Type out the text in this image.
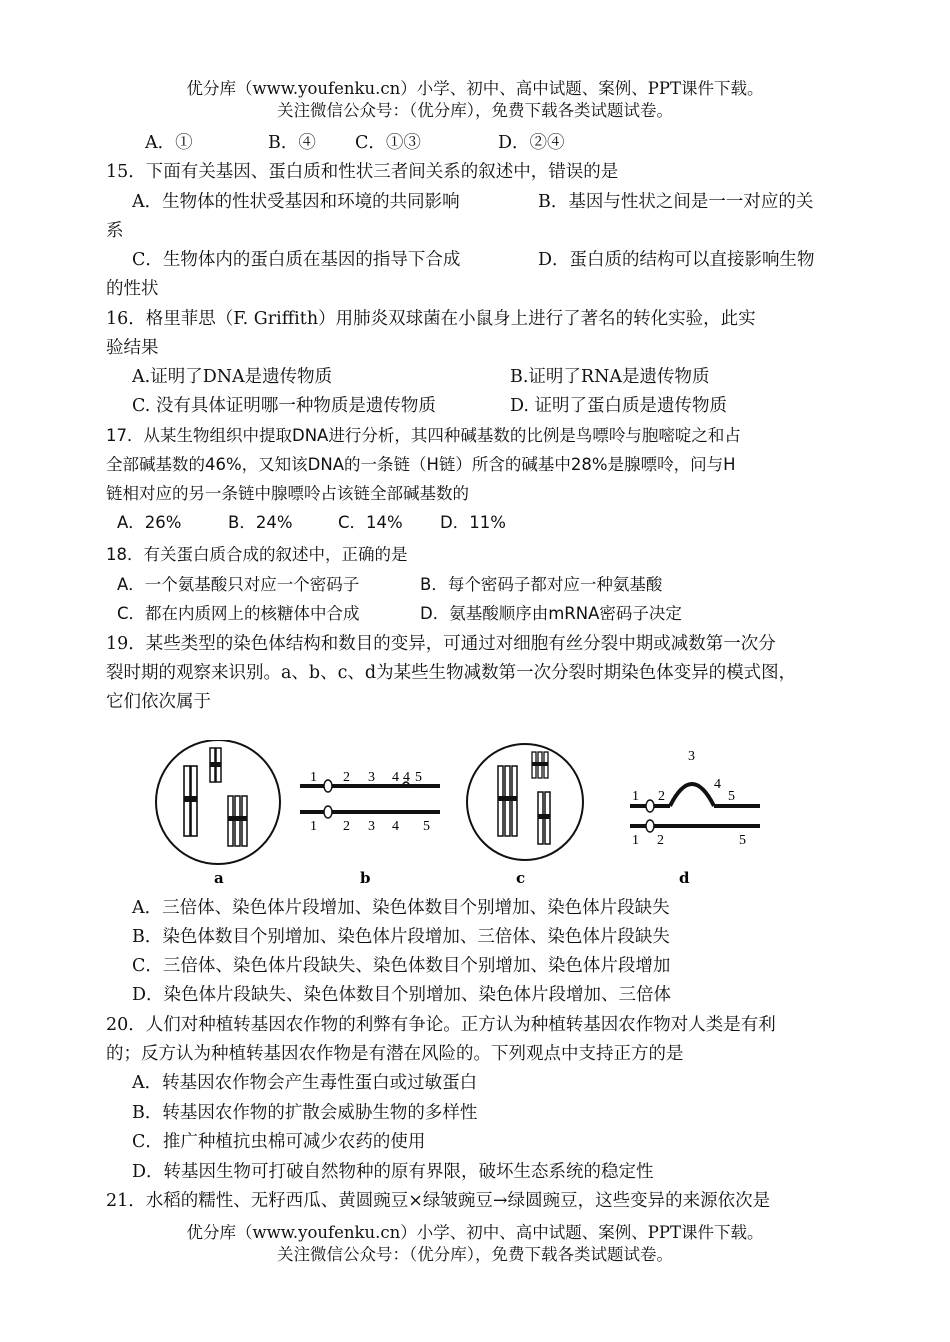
优分库（www.youfenku.cn）小学、初中、高中试题、案例、PPT课件下载。
关注微信公众号：（优分库），免费下载各类试题试卷。
A．①	B．④ C．①③	D．②④
15．下面有关基因、蛋白质和性状三者间关系的叙述中，错误的是
A．生物体的性状受基因和环境的共同影响	B．基因与性状之间是一一对应的关
系
C．生物体内的蛋白质在基因的指导下合成	D．蛋白质的结构可以直接影响生物
的性状
16．格里菲思（F. Griffith）用肺炎双球菌在小鼠身上进行了著名的转化实验，此实
验结果
A.证明了DNA是遗传物质	B.证明了RNA是遗传物质
C. 没有具体证明哪一种物质是遗传物质	D. 证明了蛋白质是遗传物质
17．从某生物组织中提取DNA进行分析，其四种碱基数的比例是鸟嘌呤与胞嘧啶之和占
全部碱基数的46%，又知该DNA的一条链（H链）所含的碱基中28%是腺嘌呤，问与H
链相对应的另一条链中腺嘌呤占该链全部碱基数的
A．26%	B．24%	C．14% D．11%
18．有关蛋白质合成的叙述中，正确的是
A．一个氨基酸只对应一个密码子	B．每个密码子都对应一种氨基酸
C．都在内质网上的核糖体中合成	D．氨基酸顺序由mRNA密码子决定
19．某些类型的染色体结构和数目的变异，可通过对细胞有丝分裂中期或减数第一次分
裂时期的观察来识别。a、b、c、d为某些生物减数第一次分裂时期染色体变异的模式图，
它们依次属于
1 2 3 4 4 5
1 2 3 4 5
3
1 2
4
5
1 2	5
a	b	c	d
A．三倍体、染色体片段增加、染色体数目个别增加、染色体片段缺失
B．染色体数目个别增加、染色体片段增加、三倍体、染色体片段缺失
C．三倍体、染色体片段缺失、染色体数目个别增加、染色体片段增加
D．染色体片段缺失、染色体数目个别增加、染色体片段增加、三倍体
20．人们对种植转基因农作物的利弊有争论。正方认为种植转基因农作物对人类是有利
的；反方认为种植转基因农作物是有潜在风险的。下列观点中支持正方的是
A．转基因农作物会产生毒性蛋白或过敏蛋白
B．转基因农作物的扩散会威胁生物的多样性
C．推广种植抗虫棉可减少农药的使用
D．转基因生物可打破自然物种的原有界限，破坏生态系统的稳定性
21．水稻的糯性、无籽西瓜、黄圆豌豆×绿皱豌豆→绿圆豌豆，这些变异的来源依次是
优分库（www.youfenku.cn）小学、初中、高中试题、案例、PPT课件下载。
关注微信公众号：（优分库），免费下载各类试题试卷。
